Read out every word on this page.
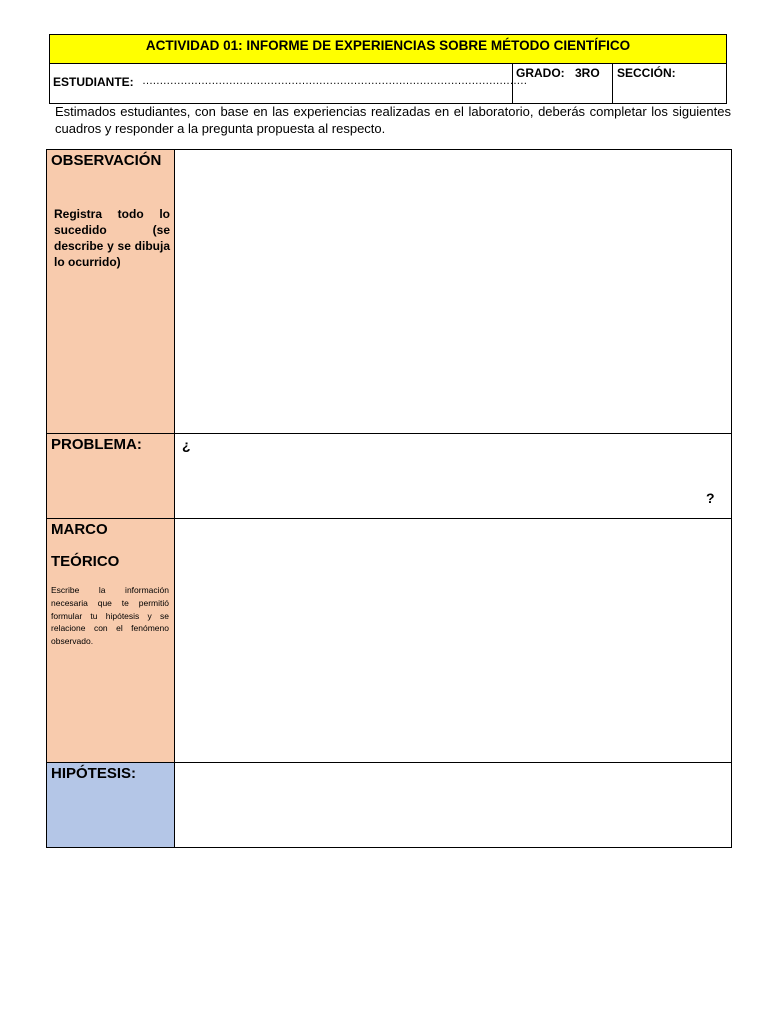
ACTIVIDAD 01: INFORME DE EXPERIENCIAS SOBRE MÉTODO CIENTÍFICO
ESTUDIANTE: …………………………………………………………………………………………………
GRADO: 3RO SECCIÓN:
Estimados estudiantes, con base en las experiencias realizadas en el laboratorio, deberás completar los siguientes cuadros y responder a la pregunta propuesta al respecto.
OBSERVACIÓN
Registra todo lo sucedido (se describe y se dibuja lo ocurrido)
PROBLEMA:	¿
?
MARCO
TEÓRICO
Escribe la información necesaria que te permitió formular tu hipótesis y se relacione con el fenómeno observado.
HIPÓTESIS:
